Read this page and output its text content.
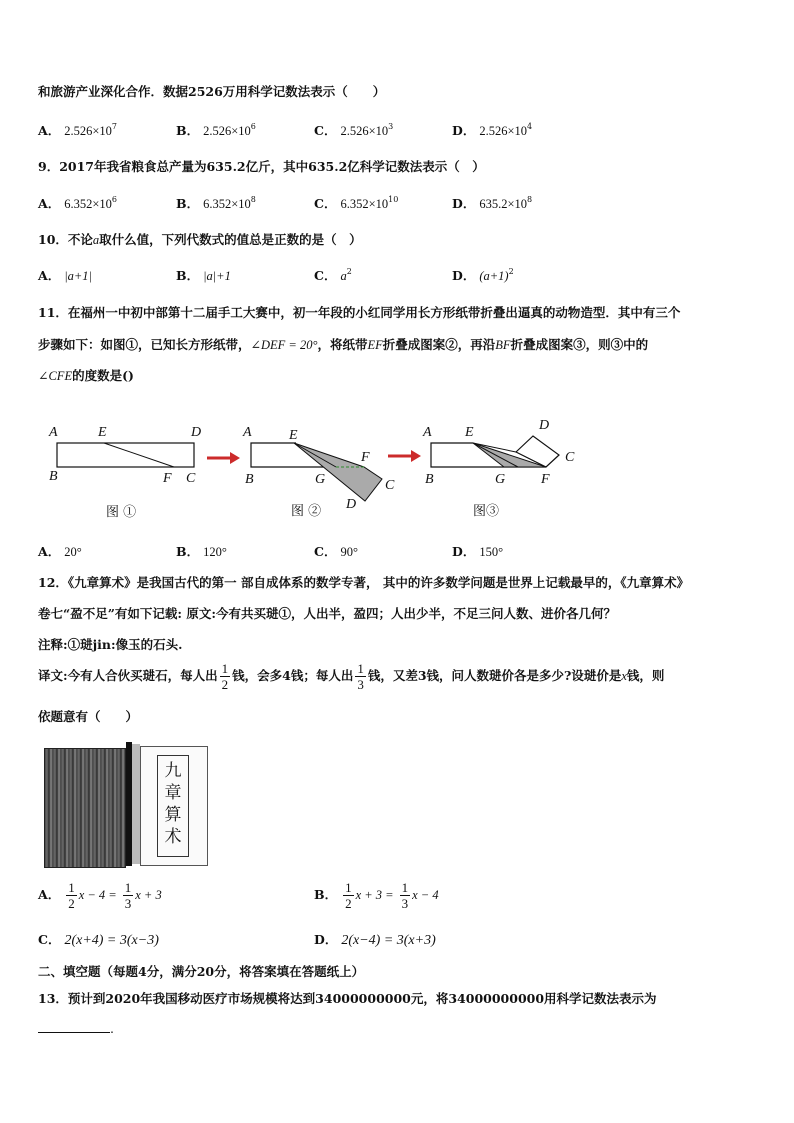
和旅游产业深化合作．数据2526万用科学记数法表示（　　）
A． $2.526\times 10^7$	B． $2.526\times 10^6$	C． $2.526\times 10^3$	D． $2.526\times 10^4$
9．2017年我省粮食总产量为635.2亿斤，其中635.2亿科学记数法表示（　）
A． $6.352\times 10^6$	B． $6.352\times 10^8$	C． $6.352\times 10^{10}$	D． $635.2\times 10^8$
10．不论a取什么值，下列代数式的值总是正数的是（　）
A． |a+1|	B． |a|+1	C． $a^2$	D． $(a+1)^2$
11．在福州一中初中部第十二届手工大赛中，初一年段的小红同学用长方形纸带折叠出逼真的动物造型．其中有三个
步骤如下：如图①，已知长方形纸带，∠DEF = 20°，将纸带EF折叠成图案②，再沿BF折叠成图案③，则③中的
∠CFE的度数是()
A	E	D
B	F C
图 ①
A	E
F
B	G	C
D
图 ②
A E	D
C
B	G	F
图③
A． 20°	B． 120°	C． 90°	D． 150°
12．《九章算术》是我国古代的第一 部自成体系的数学专著， 其中的许多数学问题是世界上记载最早的，《九章算术》
卷七“盈不足”有如下记载: 原文:今有共买琎①，人出半，盈四；人出少半，不足三问人数、进价各几何？
注释:①琎jin:像玉的石头.
译文:今有人合伙买琎石，每人出 $\frac{1}{2}$ 钱，会多4钱；每人出 $\frac{1}{3}$ 钱，又差3钱，问人数琎价各是多少?设琎价是x钱，则
依题意有（　　）
九
章
算
术
A． $\frac{1}{2}$ $x - 4 = \frac{1}{3}$ x + 3	B． $\frac{1}{2}$ $x + 3 = \frac{1}{3}$ x − 4
C． 2(x+4) = 3(x−3)	D． 2(x−4) = 3(x+3)
二、填空题（每题4分，满分20分，将答案填在答题纸上）
13．预计到2020年我国移动医疗市场规模将达到34000000000元，将34000000000用科学记数法表示为
.
